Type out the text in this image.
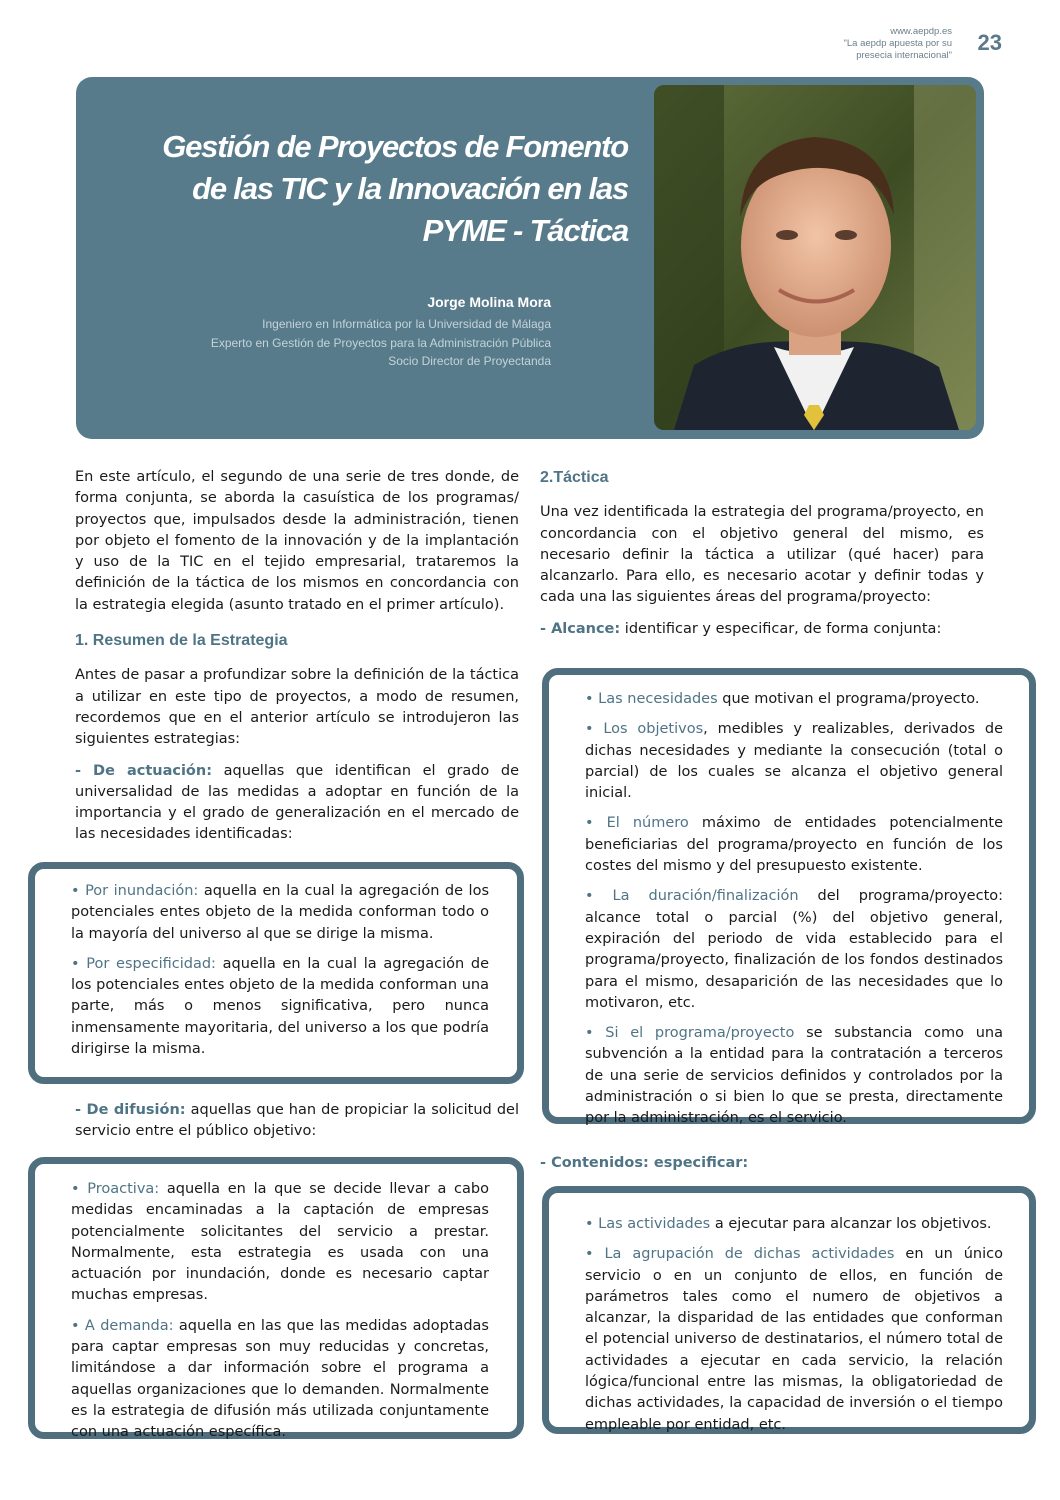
www.aepdp.es
"La aepdp apuesta por su
presecia internacional"
23
Gestión de Proyectos de Fomento
de las TIC y la Innovación en las
PYME - Táctica
Jorge Molina Mora
Ingeniero en Informática por la Universidad de Málaga
Experto en Gestión de Proyectos para la Administración Pública
Socio Director de Proyectanda

En este artículo, el segundo de una serie de tres donde, de forma conjunta, se aborda la casuística de los programas/ proyectos que, impulsados desde la administración, tienen por objeto el fomento de la innovación y de la implantación y uso de la TIC en el tejido empresarial, trataremos la definición de la táctica de los mismos en concordancia con la estrategia elegida (asunto tratado en el primer artículo).

1. Resumen de la Estrategia

Antes de pasar a profundizar sobre la definición de la táctica a utilizar en este tipo de proyectos, a modo de resumen, recordemos que en el anterior artículo se introdujeron las siguientes estrategias:

- De actuación: aquellas que identifican el grado de universalidad de las medidas a adoptar en función de la importancia y el grado de generalización en el mercado de las necesidades identificadas:

• Por inundación: aquella en la cual la agregación de los potenciales entes objeto de la medida conforman todo o la mayoría del universo al que se dirige la misma.

• Por especificidad: aquella en la cual la agregación de los potenciales entes objeto de la medida conforman una parte, más o menos significativa, pero nunca inmensamente mayoritaria, del universo a los que podría dirigirse la misma.

- De difusión: aquellas que han de propiciar la solicitud del servicio entre el público objetivo:

• Proactiva: aquella en la que se decide llevar a cabo medidas encaminadas a la captación de empresas potencialmente solicitantes del servicio a prestar. Normalmente, esta estrategia es usada con una actuación por inundación, donde es necesario captar muchas empresas.

• A demanda: aquella en las que las medidas adoptadas para captar empresas son muy reducidas y concretas, limitándose a dar información sobre el programa a aquellas organizaciones que lo demanden. Normalmente es la estrategia de difusión más utilizada conjuntamente con una actuación específica.

2.Táctica

Una vez identificada la estrategia del programa/proyecto, en concordancia con el objetivo general del mismo, es necesario definir la táctica a utilizar (qué hacer) para alcanzarlo. Para ello, es necesario acotar y definir todas y cada una las siguientes áreas del programa/proyecto:

- Alcance: identificar y especificar, de forma conjunta:

• Las necesidades que motivan el programa/proyecto.

• Los objetivos, medibles y realizables, derivados de dichas necesidades y mediante la consecución (total o parcial) de los cuales se alcanza el objetivo general inicial.

• El número máximo de entidades potencialmente beneficiarias del programa/proyecto en función de los costes del mismo y del presupuesto existente.

• La duración/finalización del programa/proyecto: alcance total o parcial (%) del objetivo general, expiración del periodo de vida establecido para el programa/proyecto, finalización de los fondos destinados para el mismo, desaparición de las necesidades que lo motivaron, etc.

• Si el programa/proyecto se substancia como una subvención a la entidad para la contratación a terceros de una serie de servicios definidos y controlados por la administración o si bien lo que se presta, directamente por la administración, es el servicio.

- Contenidos: especificar:

• Las actividades a ejecutar para alcanzar los objetivos.

• La agrupación de dichas actividades en un único servicio o en un conjunto de ellos, en función de parámetros tales como el numero de objetivos a alcanzar, la disparidad de las entidades que conforman el potencial universo de destinatarios, el número total de actividades a ejecutar en cada servicio, la relación lógica/funcional entre las mismas, la obligatoriedad de dichas actividades, la capacidad de inversión o el tiempo empleable por entidad, etc.
